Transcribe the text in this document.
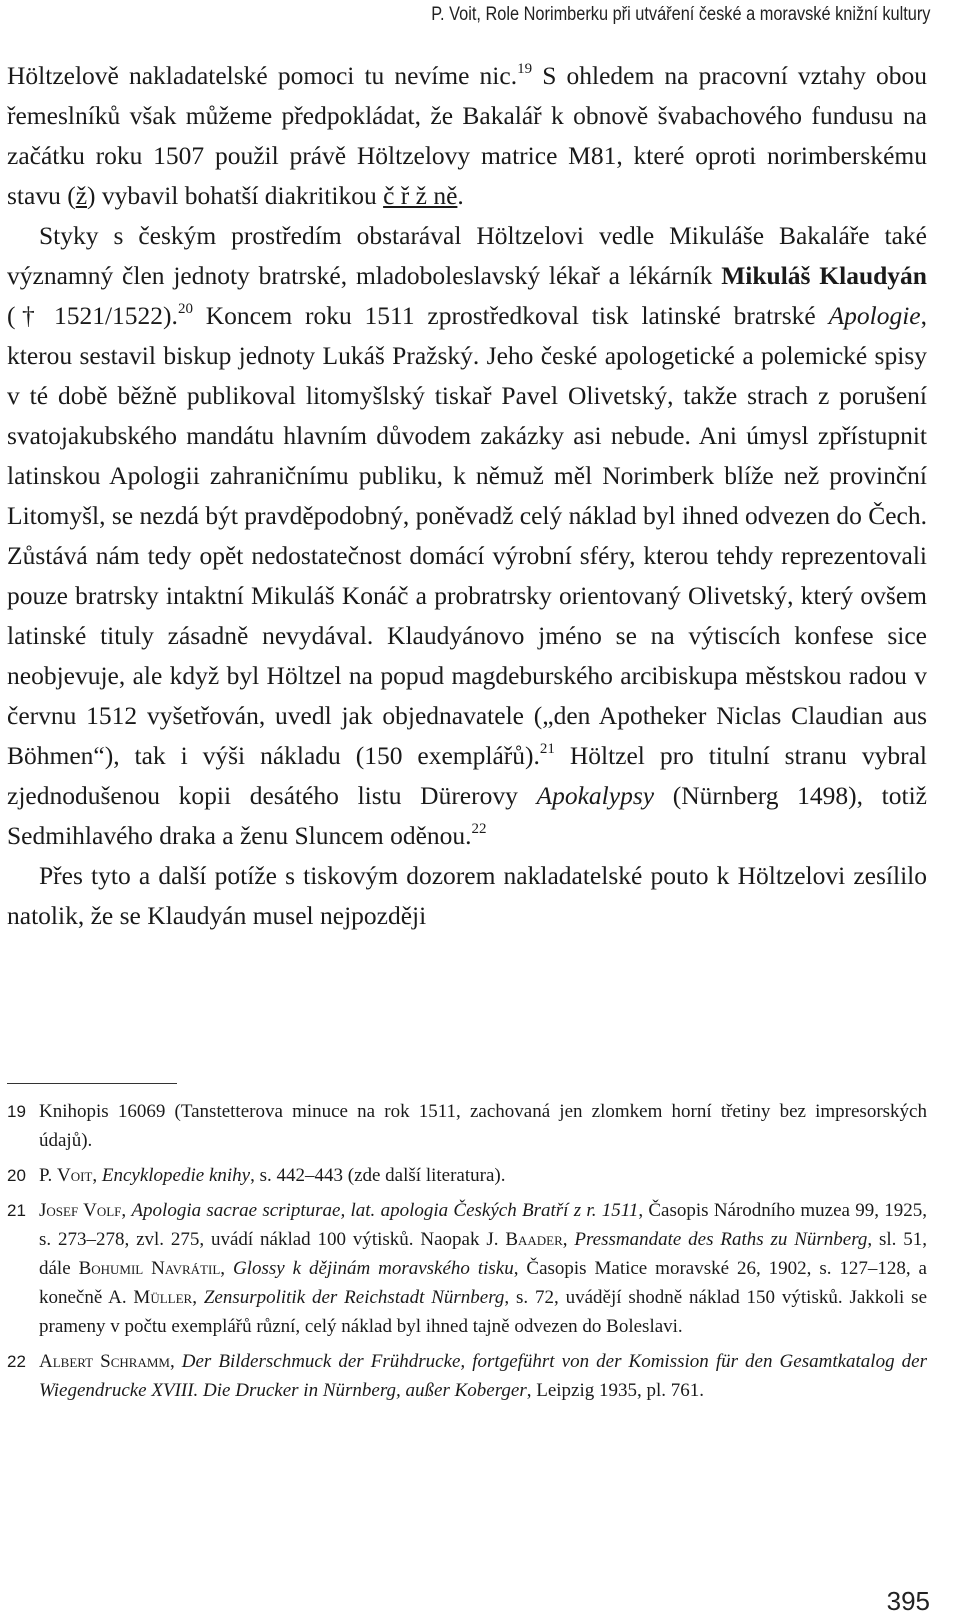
P. Voit, Role Norimberku při utváření české a moravské knižní kultury

Höltzelově nakladatelské pomoci tu nevíme nic.$^{19}$ S ohledem na pracovní vztahy obou řemeslníků však můžeme předpokládat, že Bakalář k obnově švabachového fundusu na začátku roku 1507 použil právě Höltzelovy matrice M81, které oproti norimberskému stavu (ž) vybavil bohatší diakritikou č ř ž ně.
Styky s českým prostředím obstarával Höltzelovi vedle Mikuláše Bakaláře také významný člen jednoty bratrské, mladoboleslavský lékař a lékárník Mikuláš Klaudyán († 1521/1522).$^{20}$ Koncem roku 1511 zprostředkoval tisk latinské bratrské Apologie, kterou sestavil biskup jednoty Lukáš Pražský. Jeho české apologetické a polemické spisy v té době běžně publikoval litomyšlský tiskař Pavel Olivetský, takže strach z porušení svatojakubského mandátu hlavním důvodem zakázky asi nebude. Ani úmysl zpřístupnit latinskou Apologii zahraničnímu publiku, k němuž měl Norimberk blíže než provinční Litomyšl, se nezdá být pravděpodobný, poněvadž celý náklad byl ihned odvezen do Čech. Zůstává nám tedy opět nedostatečnost domácí výrobní sféry, kterou tehdy reprezentovali pouze bratrsky intaktní Mikuláš Konáč a probratrsky orientovaný Olivetský, který ovšem latinské tituly zásadně nevydával. Klaudyánovo jméno se na výtiscích konfese sice neobjevuje, ale když byl Höltzel na popud magdeburského arcibiskupa městskou radou v červnu 1512 vyšetřován, uvedl jak objednavatele („den Apotheker Niclas Claudian aus Böhmen“), tak i výši nákladu (150 exemplářů).$^{21}$ Höltzel pro titulní stranu vybral zjednodušenou kopii desátého listu Dürerovy Apokalypsy (Nürnberg 1498), totiž Sedmihlavého draka a ženu Sluncem oděnou.$^{22}$

Přes tyto a další potíže s tiskovým dozorem nakladatelské pouto k Höltzelovi zesílilo natolik, že se Klaudyán musel nejpozději

19 Knihopis 16069 (Tanstetterova minuce na rok 1511, zachovaná jen zlomkem horní třetiny bez impresorských údajů).
20 P. Voit, Encyklopedie knihy, s. 442–443 (zde další literatura).
21 Josef Volf, Apologia sacrae scripturae, lat. apologia Českých Bratří z r. 1511, Časopis Národního muzea 99, 1925, s. 273–278, zvl. 275, uvádí náklad 100 výtisků. Naopak J. Baader, Pressmandate des Raths zu Nürnberg, sl. 51, dále Bohumil Navrátil, Glossy k dějinám moravského tisku, Časopis Matice moravské 26, 1902, s. 127–128, a konečně A. Müller, Zensurpolitik der Reichstadt Nürnberg, s. 72, uvádějí shodně náklad 150 výtisků. Jakkoli se prameny v počtu exemplářů různí, celý náklad byl ihned tajně odvezen do Boleslavi.
22 Albert Schramm, Der Bilderschmuck der Frühdrucke, fortgeführt von der Komission für den Gesamtkatalog der Wiegendrucke XVIII. Die Drucker in Nürnberg, außer Koberger, Leipzig 1935, pl. 761.
395
